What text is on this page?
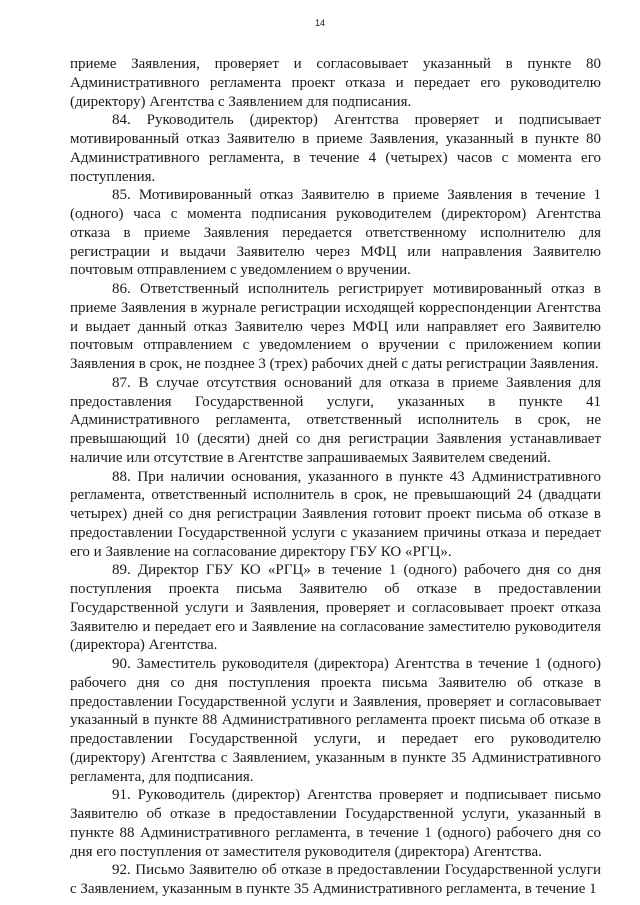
14

приеме Заявления, проверяет и согласовывает указанный в пункте 80 Административного регламента проект отказа и передает его руководителю (директору) Агентства с Заявлением для подписания.

84. Руководитель (директор) Агентства проверяет и подписывает мотивированный отказ Заявителю в приеме Заявления, указанный в пункте 80 Административного регламента, в течение 4 (четырех) часов с момента его поступления.

85. Мотивированный отказ Заявителю в приеме Заявления в течение 1 (одного) часа с момента подписания руководителем (директором) Агентства отказа в приеме Заявления передается ответственному исполнителю для регистрации и выдачи Заявителю через МФЦ или направления Заявителю почтовым отправлением с уведомлением о вручении.

86. Ответственный исполнитель регистрирует мотивированный отказ в приеме Заявления в журнале регистрации исходящей корреспонденции Агентства и выдает данный отказ Заявителю через МФЦ или направляет его Заявителю почтовым отправлением с уведомлением о вручении с приложением копии Заявления в срок, не позднее 3 (трех) рабочих дней с даты регистрации Заявления.

87. В случае отсутствия оснований для отказа в приеме Заявления для предоставления Государственной услуги, указанных в пункте 41 Административного регламента, ответственный исполнитель в срок, не превышающий 10 (десяти) дней со дня регистрации Заявления устанавливает наличие или отсутствие в Агентстве запрашиваемых Заявителем сведений.

88. При наличии основания, указанного в пункте 43 Административного регламента, ответственный исполнитель в срок, не превышающий 24 (двадцати четырех) дней со дня регистрации Заявления готовит проект письма об отказе в предоставлении Государственной услуги с указанием причины отказа и передает его и Заявление на согласование директору ГБУ КО «РГЦ».

89. Директор ГБУ КО «РГЦ» в течение 1 (одного) рабочего дня со дня поступления проекта письма Заявителю об отказе в предоставлении Государственной услуги и Заявления, проверяет и согласовывает проект отказа Заявителю и передает его и Заявление на согласование заместителю руководителя (директора) Агентства.

90. Заместитель руководителя (директора) Агентства в течение 1 (одного) рабочего дня со дня поступления проекта письма Заявителю об отказе в предоставлении Государственной услуги и Заявления, проверяет и согласовывает указанный в пункте 88 Административного регламента проект письма об отказе в предоставлении Государственной услуги, и передает его руководителю (директору) Агентства с Заявлением, указанным в пункте 35 Административного регламента, для подписания.

91. Руководитель (директор) Агентства проверяет и подписывает письмо Заявителю об отказе в предоставлении Государственной услуги, указанный в пункте 88 Административного регламента, в течение 1 (одного) рабочего дня со дня его поступления от заместителя руководителя (директора) Агентства.

92. Письмо Заявителю об отказе в предоставлении Государственной услуги с Заявлением, указанным в пункте 35 Административного регламента, в течение 1
